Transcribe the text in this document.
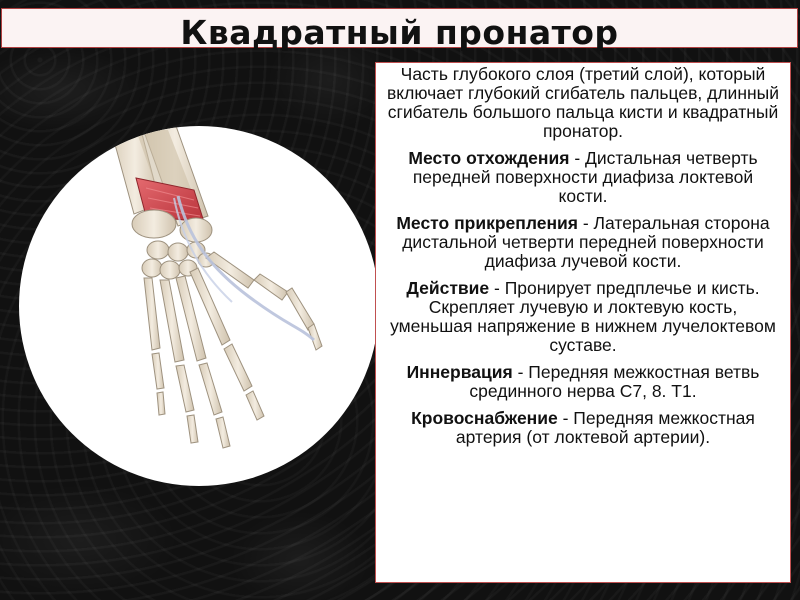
Квадратный пронатор

Часть глубокого слоя (третий слой), который включает глубокий сгибатель пальцев, длинный сгибатель большого пальца кисти и квадратный пронатор.

Место отхождения - Дистальная четверть передней поверхности диафиза локтевой кости.

Место прикрепления - Латеральная сторона дистальной четверти передней поверхности диафиза лучевой кости.

Действие - Пронирует предплечье и кисть. Скрепляет лучевую и локтевую кость, уменьшая напряжение в нижнем лучелоктевом суставе.

Иннервация - Передняя межкостная ветвь срединного нерва С7, 8. Т1.

Кровоснабжение - Передняя межкостная артерия (от локтевой артерии).
